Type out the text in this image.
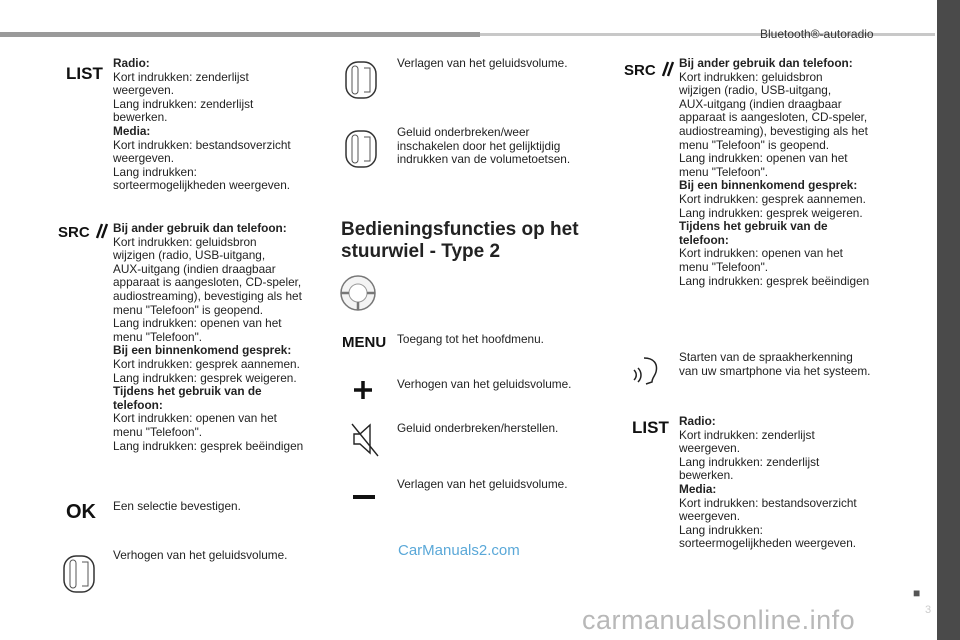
Bluetooth®-autoradio
LIST
Radio:
Kort indrukken: zenderlijst
weergeven.
Lang indrukken: zenderlijst
bewerken.
Media:
Kort indrukken: bestandsoverzicht
weergeven.
Lang indrukken:
sorteermogelijkheden weergeven.
SRC	Bij ander gebruik dan telefoon:
Kort indrukken: geluidsbron
wijzigen (radio, USB-uitgang,
AUX-uitgang (indien draagbaar
apparaat is aangesloten, CD-speler,
audiostreaming), bevestiging als het
menu "Telefoon" is geopend.
Lang indrukken: openen van het
menu "Telefoon".
Bij een binnenkomend gesprek:
Kort indrukken: gesprek aannemen.
Lang indrukken: gesprek weigeren.
Tijdens het gebruik van de
telefoon:
Kort indrukken: openen van het
menu "Telefoon".
Lang indrukken: gesprek beëindigen
OK Een selectie bevestigen.
Verhogen van het geluidsvolume.
Verlagen van het geluidsvolume.
Geluid onderbreken/weer
inschakelen door het gelijktijdig
indrukken van de volumetoetsen.
Bedieningsfuncties op het
stuurwiel - Type 2
MENU Toegang tot het hoofdmenu.
Verhogen van het geluidsvolume.
Geluid onderbreken/herstellen.
Verlagen van het geluidsvolume.
SRC	Bij ander gebruik dan telefoon:
Kort indrukken: geluidsbron
wijzigen (radio, USB-uitgang,
AUX-uitgang (indien draagbaar
apparaat is aangesloten, CD-speler,
audiostreaming), bevestiging als het
menu "Telefoon" is geopend.
Lang indrukken: openen van het
menu "Telefoon".
Bij een binnenkomend gesprek:
Kort indrukken: gesprek aannemen.
Lang indrukken: gesprek weigeren.
Tijdens het gebruik van de
telefoon:
Kort indrukken: openen van het
menu "Telefoon".
Lang indrukken: gesprek beëindigen
Starten van de spraakherkenning
van uw smartphone via het systeem.
LIST Radio:
Kort indrukken: zenderlijst
weergeven.
Lang indrukken: zenderlijst
bewerken.
Media:
Kort indrukken: bestandsoverzicht
weergeven.
Lang indrukken:
sorteermogelijkheden weergeven.
CarManuals2.com
carmanualsonline.info
■
3
